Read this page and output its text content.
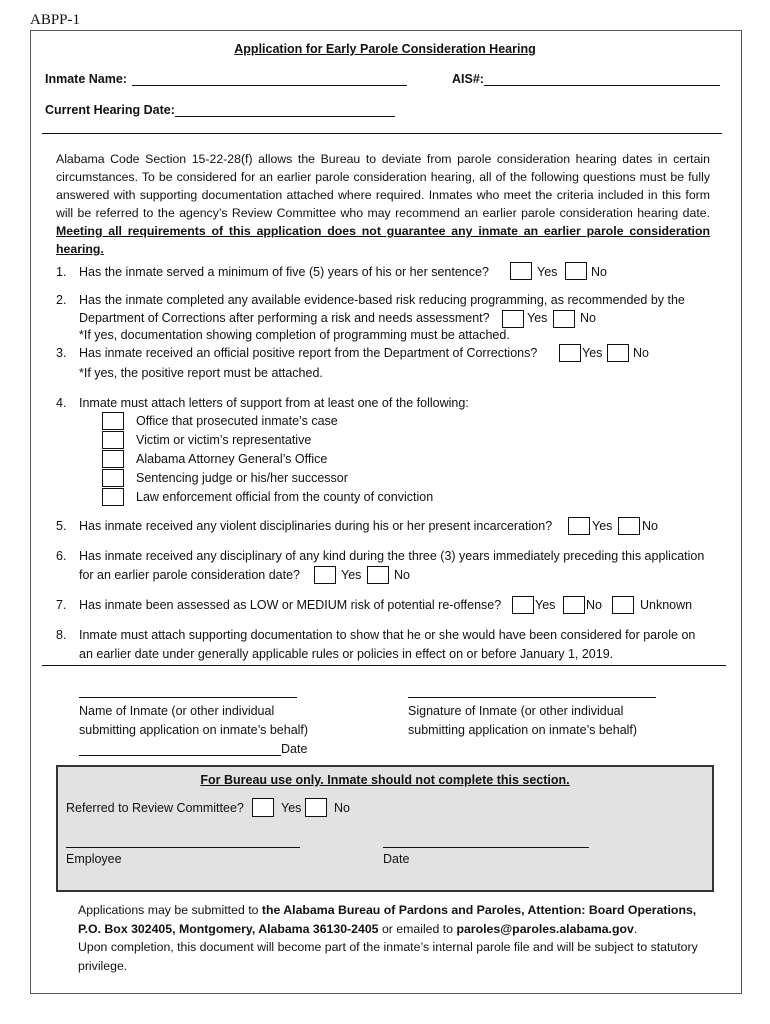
ABPP-1
Application for Early Parole Consideration Hearing
Inmate Name:	AIS#:
Current Hearing Date:
Alabama Code Section 15-22-28(f) allows the Bureau to deviate from parole consideration hearing dates in certain circumstances. To be considered for an earlier parole consideration hearing, all of the following questions must be fully answered with supporting documentation attached where required. Inmates who meet the criteria included in this form will be referred to the agency’s Review Committee who may recommend an earlier parole consideration hearing date. Meeting all requirements of this application does not guarantee any inmate an earlier parole consideration hearing.
1.	Has the inmate served a minimum of five (5) years of his or her sentence?	Yes	No
2.	Has the inmate completed any available evidence-based risk reducing programming, as recommended by the
Department of Corrections after performing a risk and needs assessment?	Yes	No
*If yes, documentation showing completion of programming must be attached.
3.	Has inmate received an official positive report from the Department of Corrections?	Yes No
*If yes, the positive report must be attached.
4.	Inmate must attach letters of support from at least one of the following:
Office that prosecuted inmate’s case
Victim or victim’s representative
Alabama Attorney General’s Office
Sentencing judge or his/her successor
Law enforcement official from the county of conviction
5.	Has inmate received any violent disciplinaries during his or her present incarceration?	Yes No
6.	Has inmate received any disciplinary of any kind during the three (3) years immediately preceding this application
for an earlier parole consideration date?	Yes	No
7.	Has inmate been assessed as LOW or MEDIUM risk of potential re-offense?	Yes No	Unknown
8.	Inmate must attach supporting documentation to show that he or she would have been considered for parole on
an earlier date under generally applicable rules or policies in effect on or before January 1, 2019.
Name of Inmate (or other individual
submitting application on inmate’s behalf)
Signature of Inmate (or other individual
submitting application on inmate’s behalf)
Date
For Bureau use only. Inmate should not complete this section.
Referred to Review Committee?	Yes	No
Employee	Date
Applications may be submitted to the Alabama Bureau of Pardons and Paroles, Attention: Board Operations, P.O. Box 302405, Montgomery, Alabama 36130-2405 or emailed to paroles@paroles.alabama.gov.
Upon completion, this document will become part of the inmate’s internal parole file and will be subject to statutory privilege.
